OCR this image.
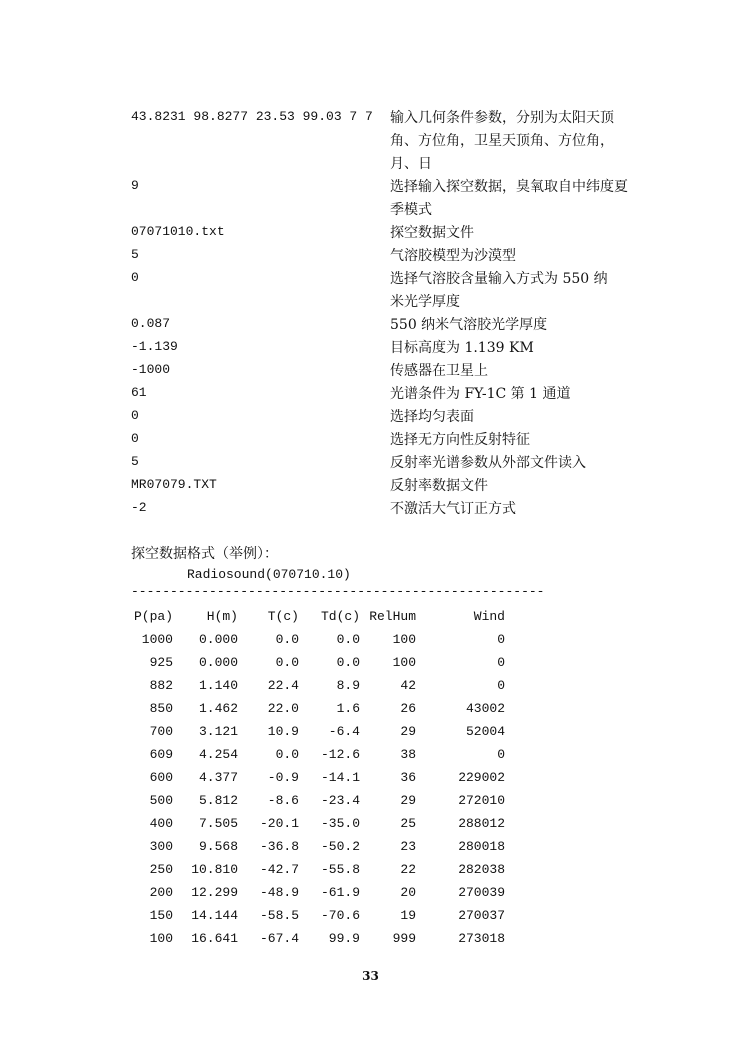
43.8231 98.8277 23.53 99.03 7 7 输入几何条件参数，分别为太阳天顶角、方位角，卫星天顶角、方位角，月、日
9	选择输入探空数据，臭氧取自中纬度夏季模式
07071010.txt	探空数据文件
5	气溶胶模型为沙漠型
0	选择气溶胶含量输入方式为 550 纳米光学厚度
0.087	550 纳米气溶胶光学厚度
-1.139	目标高度为 1.139 KM
-1000	传感器在卫星上
61	光谱条件为 FY-1C 第 1 通道
0	选择均匀表面
0	选择无方向性反射特征
5	反射率光谱参数从外部文件读入
MR07079.TXT	反射率数据文件
-2	不激活大气订正方式
探空数据格式（举例）：
Radiosound(070710.10)
-----------------------------------------------------
P(pa)	H(m)	T(c)	Td(c) RelHum	Wind
1000	0.000	0.0	0.0	100	0
925	0.000	0.0	0.0	100	0
882	1.140	22.4	8.9	42	0
850	1.462	22.0	1.6	26	43002
700	3.121	10.9	-6.4	29	52004
609	4.254	0.0	-12.6	38	0
600	4.377	-0.9	-14.1	36	229002
500	5.812	-8.6	-23.4	29	272010
400	7.505	-20.1	-35.0	25	288012
300	9.568	-36.8	-50.2	23	280018
250	10.810	-42.7	-55.8	22	282038
200	12.299	-48.9	-61.9	20	270039
150	14.144	-58.5	-70.6	19	270037
100	16.641	-67.4	99.9	999	273018
33
